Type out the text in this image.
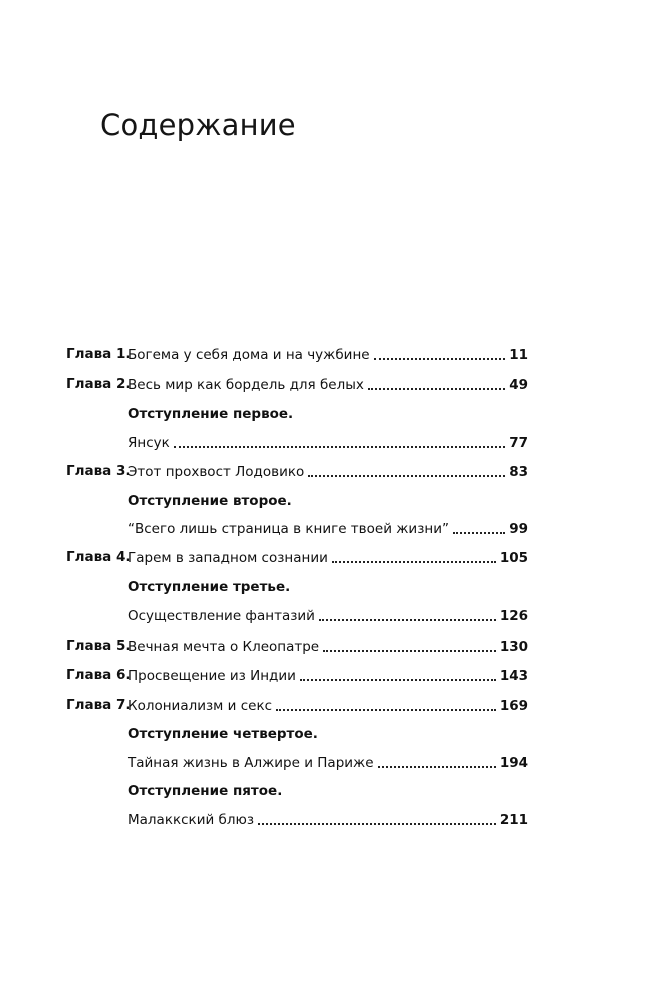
Содержание
Глава 1.
Богема у себя дома и на чужбине	11
Глава 2.
Весь мир как бордель для белых	49
Отступление первое.
Янсук	77
Глава 3.
Этот прохвост Лодовико	83
Отступление второе.
“Всего лишь страница в книге твоей жизни”	99
Глава 4.
Гарем в западном сознании	105
Отступление третье.
Осуществление фантазий	126
Глава 5.
Вечная мечта о Клеопатре	130
Глава 6.
Просвещение из Индии	143
Глава 7.
Колониализм и секс	169
Отступление четвертое.
Тайная жизнь в Алжире и Париже	194
Отступление пятое.
Малаккский блюз	211
